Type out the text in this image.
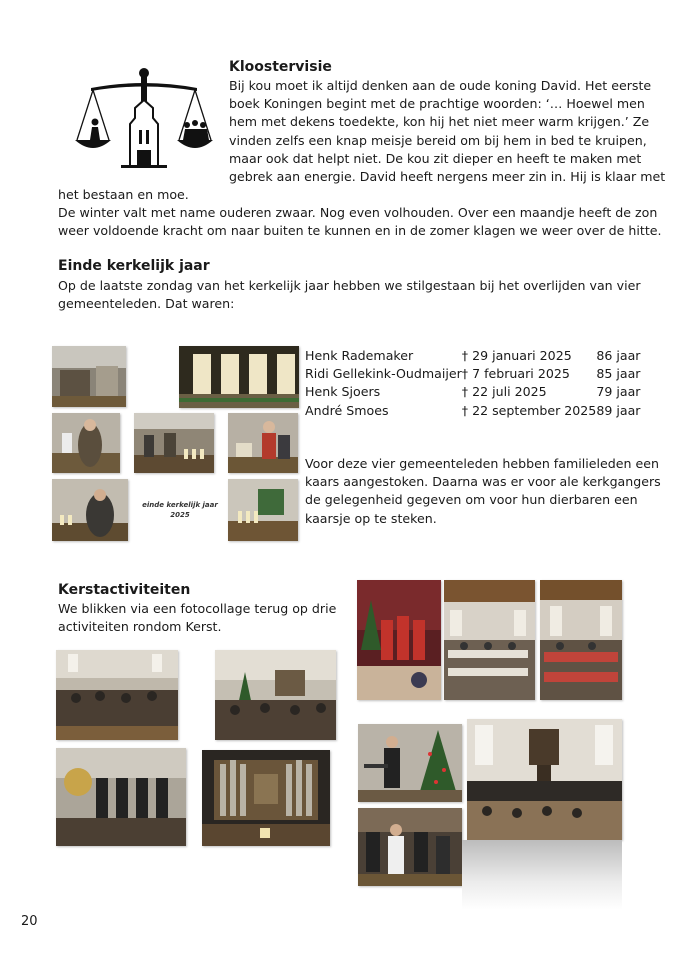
Kloostervisie
Bij kou moet ik altijd denken aan de oude koning David. Het eerste
boek Koningen begint met de prachtige woorden: ‘… Hoewel men
hem met dekens toedekte, kon hij het niet meer warm krijgen.’ Ze
vinden zelfs een knap meisje bereid om bij hem in bed te kruipen,
maar ook dat helpt niet. De kou zit dieper en heeft te maken met
gebrek aan energie. David heeft nergens meer zin in. Hij is klaar met
het bestaan en moe.
De winter valt met name ouderen zwaar. Nog even volhouden. Over een maandje heeft de zon
weer voldoende kracht om naar buiten te kunnen en in de zomer klagen we weer over de hitte.
Einde kerkelijk jaar
Op de laatste zondag van het kerkelijk jaar hebben we stilgestaan bij het overlijden van vier
gemeenteleden. Dat waren:
einde kerkelijk jaar
2025
Henk Rademaker	† 29 januari 2025	86 jaar
Ridi Gellekink-Oudmaijer	† 7 februari 2025	85 jaar
Henk Sjoers	† 22 juli 2025	79 jaar
André Smoes	† 22 september 2025	89 jaar
Voor deze vier gemeenteleden hebben familieleden een
kaars aangestoken. Daarna was er voor ale kerkgangers
de gelegenheid gegeven om voor hun dierbaren een
kaarsje op te steken.
Kerstactiviteiten
We blikken via een fotocollage terug op drie
activiteiten rondom Kerst.
20
